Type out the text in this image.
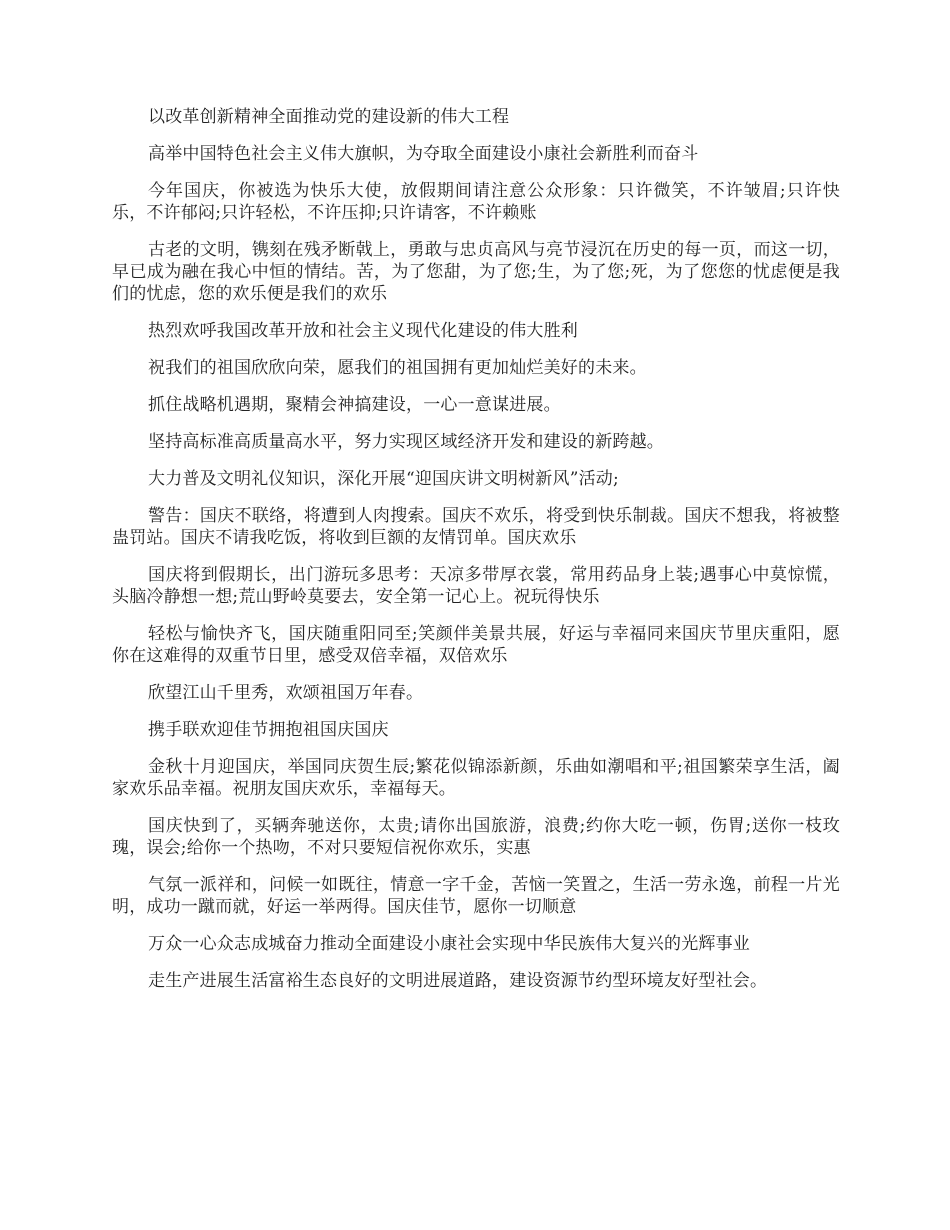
以改革创新精神全面推动党的建设新的伟大工程

高举中国特色社会主义伟大旗帜，为夺取全面建设小康社会新胜利而奋斗

今年国庆，你被选为快乐大使，放假期间请注意公众形象：只许微笑，不许皱眉;只许快乐，不许郁闷;只许轻松，不许压抑;只许请客，不许赖账

古老的文明，镌刻在残矛断戟上，勇敢与忠贞高风与亮节浸沉在历史的每一页，而这一切，早已成为融在我心中恒的情结。苦，为了您甜，为了您;生，为了您;死，为了您您的忧虑便是我们的忧虑，您的欢乐便是我们的欢乐

热烈欢呼我国改革开放和社会主义现代化建设的伟大胜利

祝我们的祖国欣欣向荣，愿我们的祖国拥有更加灿烂美好的未来。

抓住战略机遇期，聚精会神搞建设，一心一意谋进展。

坚持高标准高质量高水平，努力实现区域经济开发和建设的新跨越。

大力普及文明礼仪知识，深化开展“迎国庆讲文明树新风”活动;

警告：国庆不联络，将遭到人肉搜索。国庆不欢乐，将受到快乐制裁。国庆不想我，将被整蛊罚站。国庆不请我吃饭，将收到巨额的友情罚单。国庆欢乐

国庆将到假期长，出门游玩多思考：天凉多带厚衣裳，常用药品身上装;遇事心中莫惊慌，头脑冷静想一想;荒山野岭莫要去，安全第一记心上。祝玩得快乐

轻松与愉快齐飞，国庆随重阳同至;笑颜伴美景共展，好运与幸福同来国庆节里庆重阳，愿你在这难得的双重节日里，感受双倍幸福，双倍欢乐

欣望江山千里秀，欢颂祖国万年春。

携手联欢迎佳节拥抱祖国庆国庆

金秋十月迎国庆，举国同庆贺生辰;繁花似锦添新颜，乐曲如潮唱和平;祖国繁荣享生活，阖家欢乐品幸福。祝朋友国庆欢乐，幸福每天。

国庆快到了，买辆奔驰送你，太贵;请你出国旅游，浪费;约你大吃一顿，伤胃;送你一枝玫瑰，误会;给你一个热吻，不对只要短信祝你欢乐，实惠

气氛一派祥和，问候一如既往，情意一字千金，苦恼一笑置之，生活一劳永逸，前程一片光明，成功一蹴而就，好运一举两得。国庆佳节，愿你一切顺意

万众一心众志成城奋力推动全面建设小康社会实现中华民族伟大复兴的光辉事业

走生产进展生活富裕生态良好的文明进展道路，建设资源节约型环境友好型社会。
